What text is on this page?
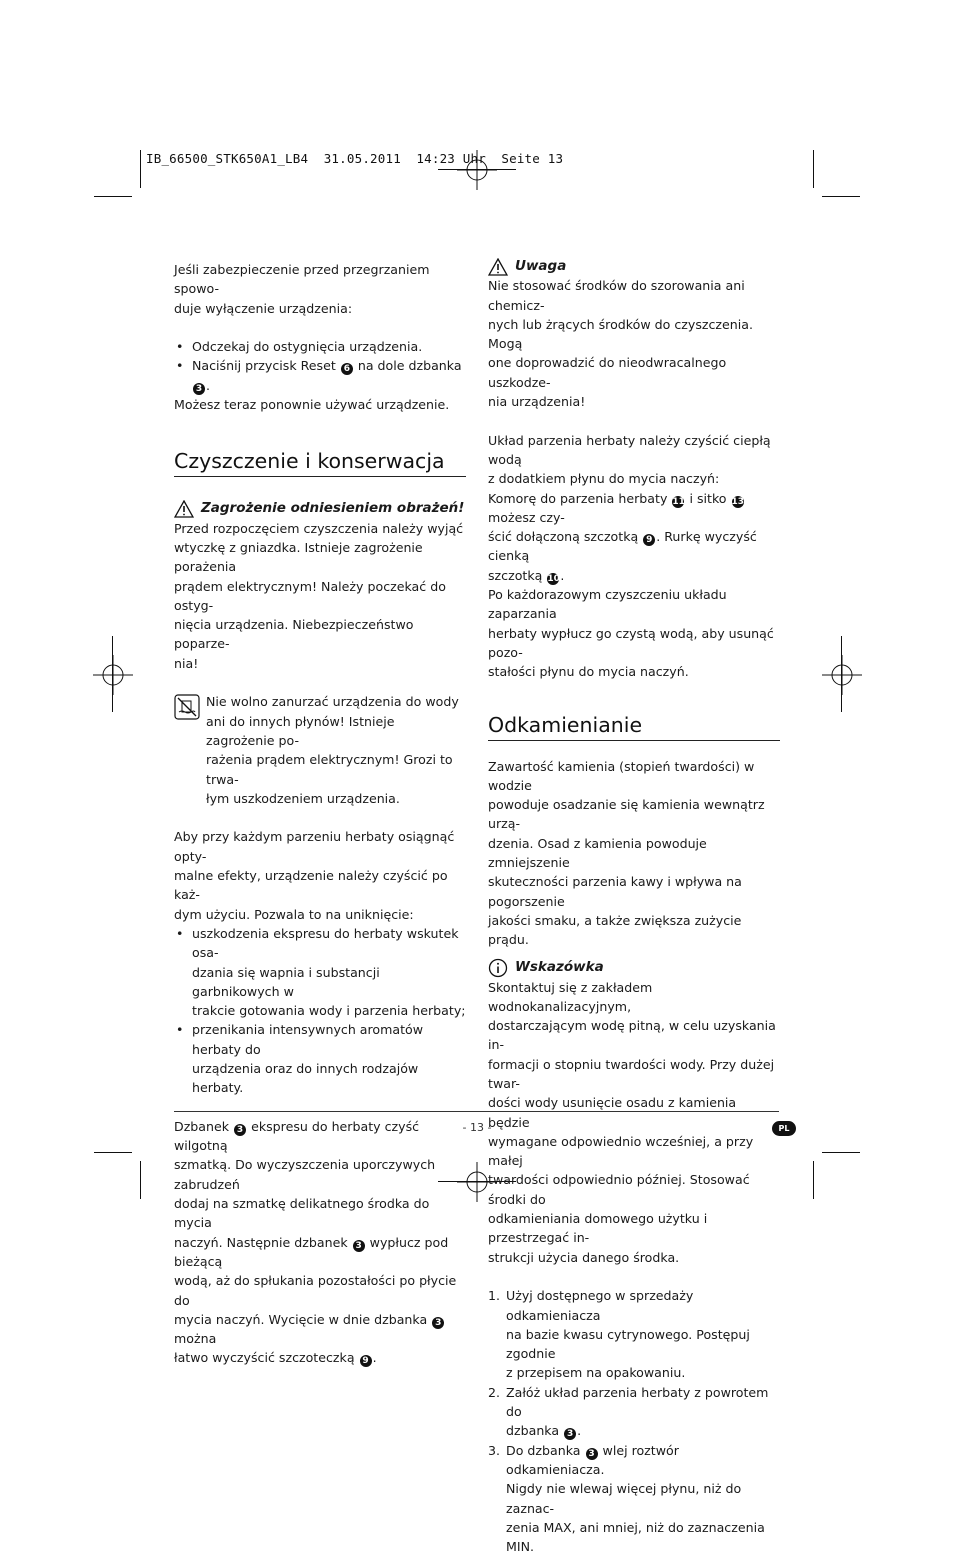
IB_66500_STK650A1_LB4  31.05.2011  14:23 Uhr  Seite 13

Jeśli zabezpieczenie przed przegrzaniem spowo-

duje wyłączenie urządzenia:

• Odczekaj do ostygnięcia urządzenia.

• Naciśnij przycisk Reset 6 na dole dzbanka 3 .

Możesz teraz ponownie używać urządzenie.

Czyszczenie i konserwacja
Zagrożenie odniesieniem obrażeń!

Przed rozpoczęciem czyszczenia należy wyjąć

wtyczkę z gniazdka. Istnieje zagrożenie porażenia

prądem elektrycznym! Należy poczekać do ostyg-

nięcia urządzenia. Niebezpieczeństwo poparze-

nia!

Nie wolno zanurzać urządzenia do wody

ani do innych płynów! Istnieje zagrożenie po-

rażenia prądem elektrycznym! Grozi to trwa-

łym uszkodzeniem urządzenia.

Aby przy każdym parzeniu herbaty osiągnąć opty-

malne efekty, urządzenie należy czyścić po każ-

dym użyciu. Pozwala to na uniknięcie:

• uszkodzenia ekspresu do herbaty wskutek osa-

dzania się wapnia i substancji garbnikowych w

trakcie gotowania wody i parzenia herbaty;

• przenikania intensywnych aromatów herbaty do

urządzenia oraz do innych rodzajów herbaty.

Dzbanek 3 ekspresu do herbaty czyść wilgotną

szmatką. Do wyczyszczenia uporczywych zabrudzeń

dodaj na szmatkę delikatnego środka do mycia

naczyń. Następnie dzbanek 3 wypłucz pod bieżącą

wodą, aż do spłukania pozostałości po płycie do

mycia naczyń. Wycięcie w dnie dzbanka 3 można

łatwo wyczyścić szczoteczką 9 .

Uwaga

Nie stosować środków do szorowania ani chemicz-

nych lub żrących środków do czyszczenia. Mogą

one doprowadzić do nieodwracalnego uszkodze-

nia urządzenia!

Układ parzenia herbaty należy czyścić ciepłą wodą

z dodatkiem płynu do mycia naczyń:

Komorę do parzenia herbaty 11 i sitko 13 możesz czy-

ścić dołączoną szczotką 9 . Rurkę wyczyść cienką

szczotką 10.

Po każdorazowym czyszczeniu układu zaparzania

herbaty wypłucz go czystą wodą, aby usunąć pozo-

stałości płynu do mycia naczyń.

Odkamienianie

Zawartość kamienia (stopień twardości) w wodzie

powoduje osadzanie się kamienia wewnątrz urzą-

dzenia. Osad z kamienia powoduje zmniejszenie

skuteczności parzenia kawy i wpływa na pogorszenie

jakości smaku, a także zwiększa zużycie prądu.

Wskazówka

Skontaktuj się z zakładem wodnokanalizacyjnym,

dostarczającym wodę pitną, w celu uzyskania in-

formacji o stopniu twardości wody. Przy dużej twar-

dości wody usunięcie osadu z kamienia będzie

wymagane odpowiednio wcześniej, a przy małej

twardości odpowiednio później. Stosować środki do

odkamieniania domowego użytku i przestrzegać in-

strukcji użycia danego środka.

1. Użyj dostępnego w sprzedaży odkamieniacza

na bazie kwasu cytrynowego. Postępuj zgodnie

z przepisem na opakowaniu.

2. Załóż układ parzenia herbaty z powrotem do

dzbanka 3 .

3. Do dzbanka 3 wlej roztwór odkamieniacza.

Nigdy nie wlewaj więcej płynu, niż do zaznac-

zenia MAX, ani mniej, niż do zaznaczenia MIN.

- 13 -	PL
